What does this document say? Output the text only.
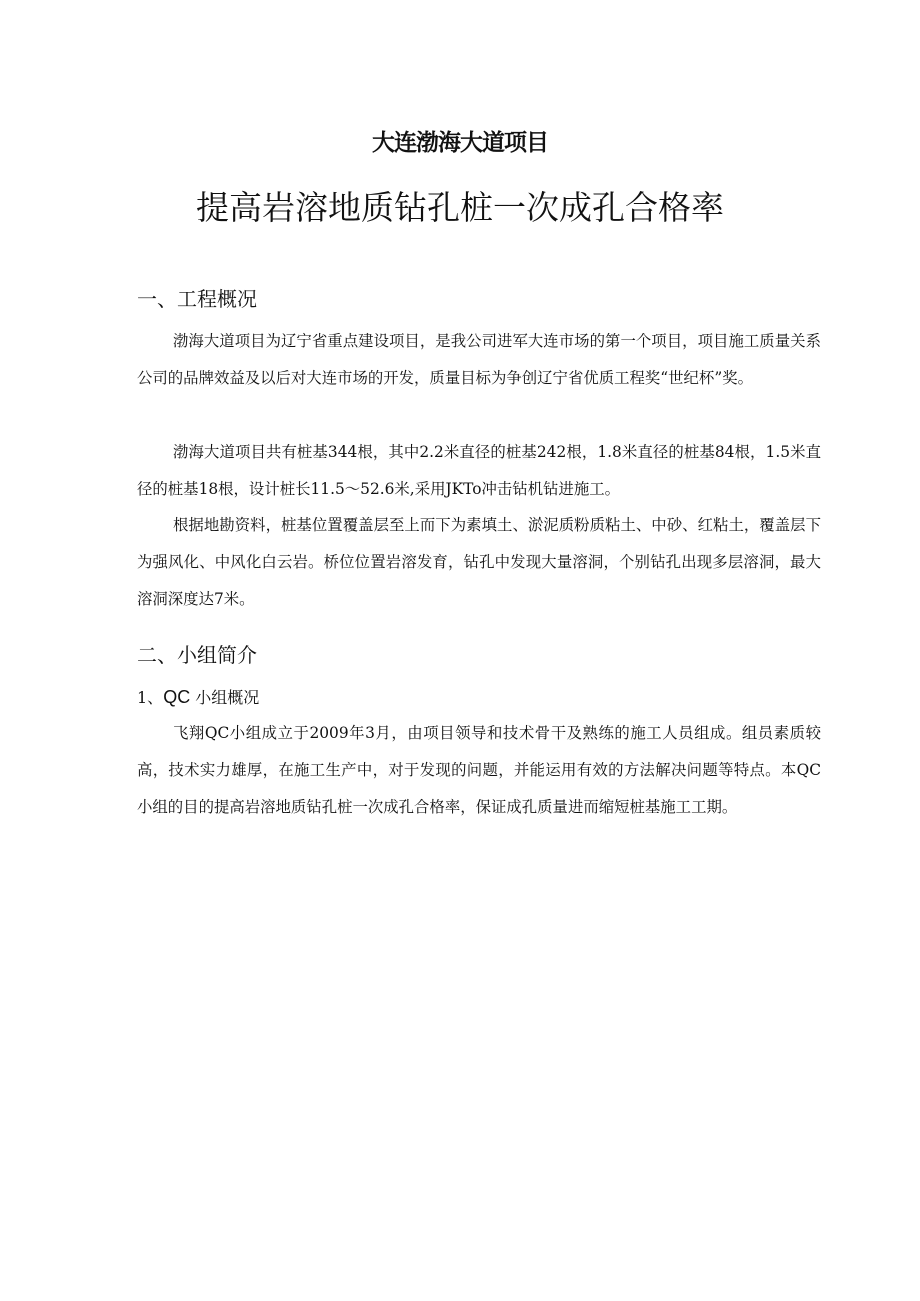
大连渤海大道项目
提高岩溶地质钻孔桩一次成孔合格率
一、工程概况
渤海大道项目为辽宁省重点建设项目，是我公司进军大连市场的第一个项目，项目施工质量关系公司的品牌效益及以后对大连市场的开发，质量目标为争创辽宁省优质工程奖“世纪杯”奖。
渤海大道项目共有桩基344根，其中2.2米直径的桩基242根，1.8米直径的桩基84根，1.5米直径的桩基18根，设计桩长11.5～52.6米,采用JKTo冲击钻机钻进施工。
根据地勘资料，桩基位置覆盖层至上而下为素填土、淤泥质粉质粘土、中砂、红粘土，覆盖层下为强风化、中风化白云岩。桥位位置岩溶发育，钻孔中发现大量溶洞，个别钻孔出现多层溶洞，最大溶洞深度达7米。
二、小组简介
1、QC 小组概况
飞翔QC小组成立于2009年3月，由项目领导和技术骨干及熟练的施工人员组成。组员素质较高，技术实力雄厚，在施工生产中，对于发现的问题，并能运用有效的方法解决问题等特点。本QC小组的目的提高岩溶地质钻孔桩一次成孔合格率，保证成孔质量进而缩短桩基施工工期。
